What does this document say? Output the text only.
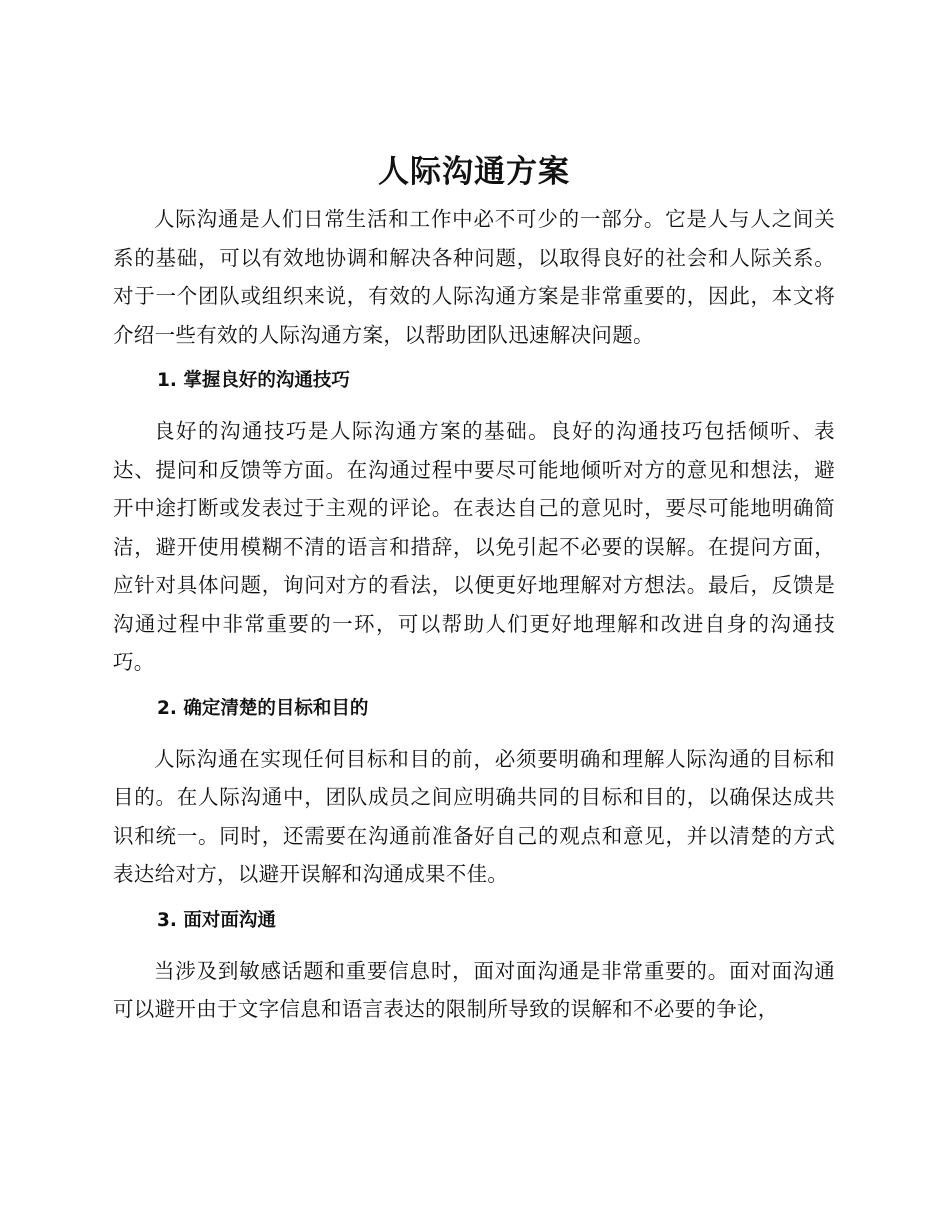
人际沟通方案

人际沟通是人们日常生活和工作中必不可少的一部分。它是人与人之间关系的基础，可以有效地协调和解决各种问题，以取得良好的社会和人际关系。对于一个团队或组织来说，有效的人际沟通方案是非常重要的，因此，本文将介绍一些有效的人际沟通方案，以帮助团队迅速解决问题。

1. 掌握良好的沟通技巧

良好的沟通技巧是人际沟通方案的基础。良好的沟通技巧包括倾听、表达、提问和反馈等方面。在沟通过程中要尽可能地倾听对方的意见和想法，避开中途打断或发表过于主观的评论。在表达自己的意见时，要尽可能地明确简洁，避开使用模糊不清的语言和措辞，以免引起不必要的误解。在提问方面，应针对具体问题，询问对方的看法，以便更好地理解对方想法。最后，反馈是沟通过程中非常重要的一环，可以帮助人们更好地理解和改进自身的沟通技巧。

2. 确定清楚的目标和目的

人际沟通在实现任何目标和目的前，必须要明确和理解人际沟通的目标和目的。在人际沟通中，团队成员之间应明确共同的目标和目的，以确保达成共识和统一。同时，还需要在沟通前准备好自己的观点和意见，并以清楚的方式表达给对方，以避开误解和沟通成果不佳。

3. 面对面沟通

当涉及到敏感话题和重要信息时，面对面沟通是非常重要的。面对面沟通可以避开由于文字信息和语言表达的限制所导致的误解和不必要的争论，
